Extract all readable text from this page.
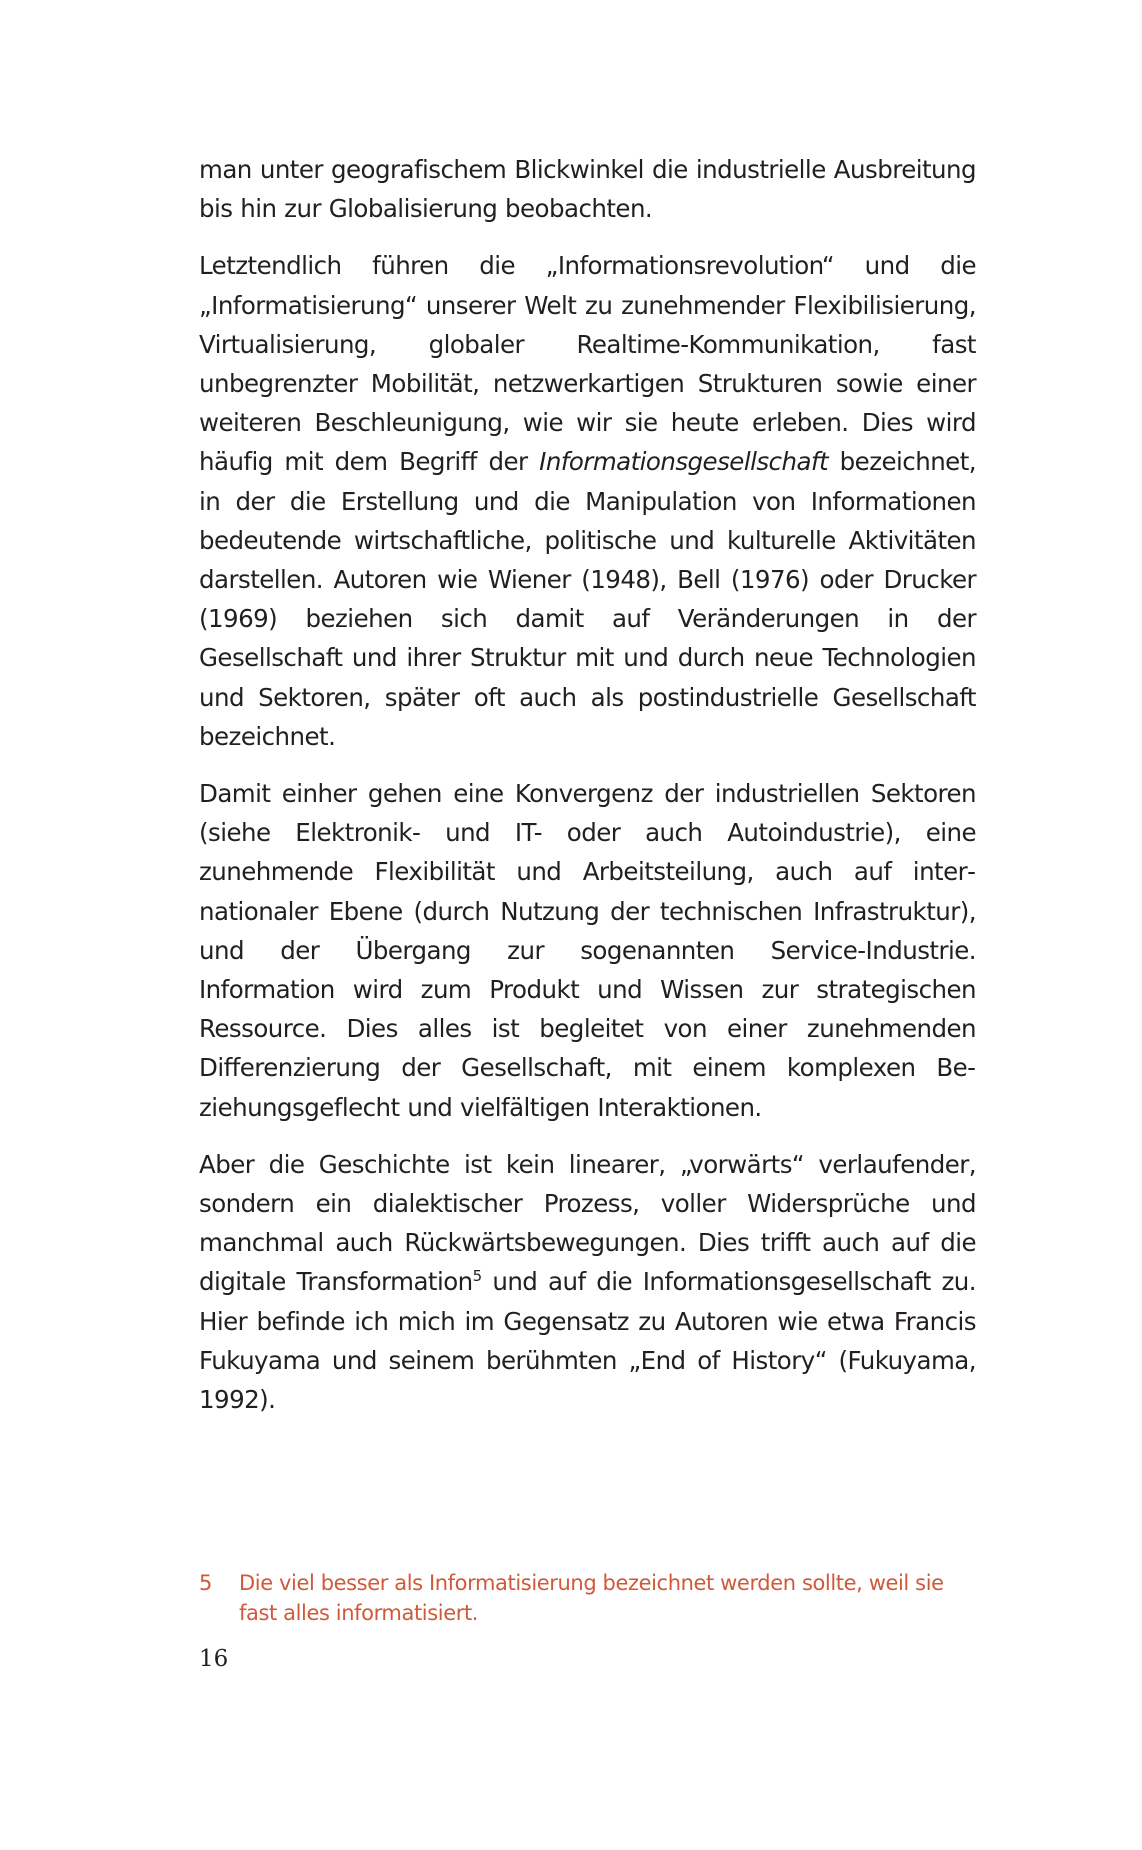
man unter geografischem Blickwinkel die industrielle Ausbreitung bis hin zur Globalisierung beobachten.

Letztendlich führen die „Informationsrevolution“ und die „Informatisierung“ unserer Welt zu zunehmender Flexibilisierung, Virtualisierung, globaler Realtime-Kommunikation, fast unbegrenzter Mobilität, netzwerkartigen Strukturen sowie einer weiteren Beschleunigung, wie wir sie heute erleben. Dies wird häufig mit dem Begriff der Informationsgesellschaft bezeichnet, in der die Erstellung und die Manipulation von Informationen bedeutende wirtschaftliche, politische und kulturelle Aktivitäten darstellen. Autoren wie Wiener (1948), Bell (1976) oder Drucker (1969) beziehen sich damit auf Veränderungen in der Gesellschaft und ihrer Struktur mit und durch neue Technologien und Sektoren, später oft auch als postindustrielle Gesellschaft bezeichnet.

Damit einher gehen eine Konvergenz der industriellen Sektoren (siehe Elektronik- und IT- oder auch Autoindustrie), eine zunehmende Flexibilität und Arbeitsteilung, auch auf internationaler Ebene (durch Nutzung der technischen Infrastruktur), und der Übergang zur sogenannten Service-Industrie. Information wird zum Produkt und Wissen zur strategischen Ressource. Dies alles ist begleitet von einer zunehmenden Differenzierung der Gesellschaft, mit einem komplexen Beziehungsgeflecht und vielfältigen Interaktionen.

Aber die Geschichte ist kein linearer, „vorwärts“ verlaufender, sondern ein dialektischer Prozess, voller Widersprüche und manchmal auch Rückwärtsbewegungen. Dies trifft auch auf die digitale Transformation$^5$ und auf die Informationsgesellschaft zu. Hier befinde ich mich im Gegensatz zu Autoren wie etwa Francis Fukuyama und seinem berühmten „End of History“ (Fukuyama, 1992).

5	Die viel besser als Informatisierung bezeichnet werden sollte, weil sie fast alles informatisiert.
16
